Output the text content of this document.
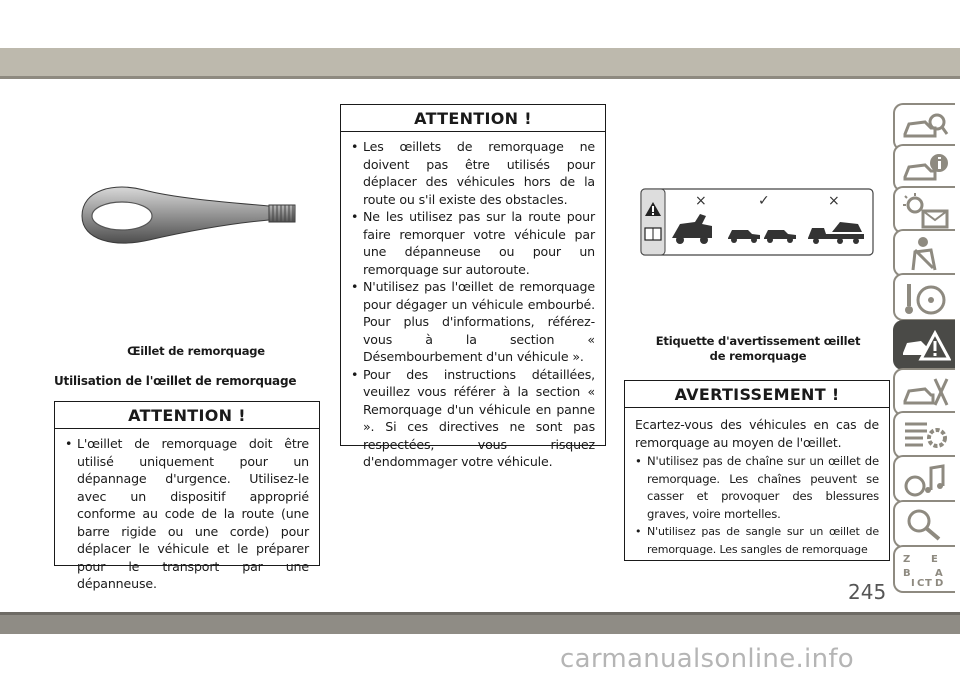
Œillet de remorquage
Utilisation de l'œillet de remorquage
ATTENTION !
• L'œillet de remorquage doit être utilisé uniquement pour un dépannage d'urgence. Utilisez-le avec un dispositif approprié conforme au code de la route (une barre rigide ou une corde) pour déplacer le véhicule et le préparer pour le transport par une dépanneuse.
ATTENTION !
• Les œillets de remorquage ne doivent pas être utilisés pour déplacer des véhicules hors de la route ou s'il existe des obstacles.
• Ne les utilisez pas sur la route pour faire remorquer votre véhicule par une dépanneuse ou pour un remorquage sur autoroute.
• N'utilisez pas l'œillet de remorquage pour dégager un véhicule embourbé. Pour plus d'informations, référez-vous à la section « Désembourbement d'un véhicule ».
• Pour des instructions détaillées, veuillez vous référer à la section « Remorquage d'un véhicule en panne ». Si ces directives ne sont pas respectées, vous risquez d'endommager votre véhicule.
×	✓	×
Etiquette d'avertissement œillet de remorquage
AVERTISSEMENT !
Ecartez-vous des véhicules en cas de remorquage au moyen de l'œillet.
• N'utilisez pas de chaîne sur un œillet de remorquage. Les chaînes peuvent se casser et provoquer des blessures graves, voire mortelles.
• N'utilisez pas de sangle sur un œillet de remorquage. Les sangles de remorquage
Z E
B A
I C T D
245
carmanualsonline.info
